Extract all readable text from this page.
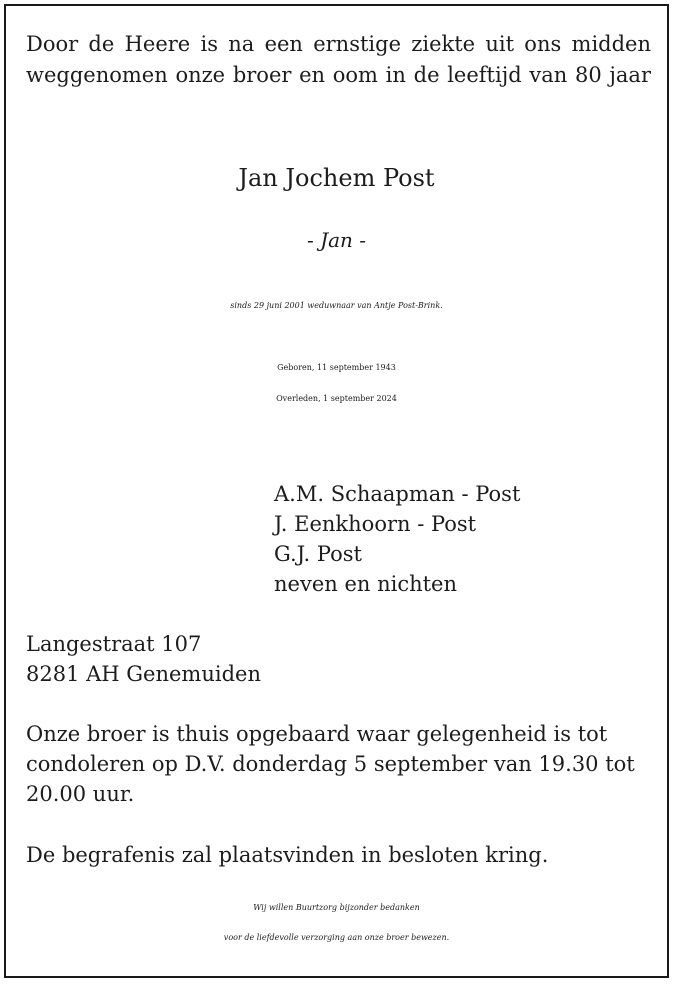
Door de Heere is na een ernstige ziekte uit ons midden
weggenomen onze broer en oom in de leeftijd van 80 jaar
Jan Jochem Post
- Jan -
sinds 29 juni 2001 weduwnaar van Antje Post-Brink.
Geboren, 11 september 1943
Overleden, 1 september 2024
A.M. Schaapman - Post
J. Eenkhoorn - Post
G.J. Post
neven en nichten
Langestraat 107
8281 AH Genemuiden
Onze broer is thuis opgebaard waar gelegenheid is tot
condoleren op D.V. donderdag 5 september van 19.30 tot
20.00 uur.
De begrafenis zal plaatsvinden in besloten kring.
Wij willen Buurtzorg bijzonder bedanken
voor de liefdevolle verzorging aan onze broer bewezen.
